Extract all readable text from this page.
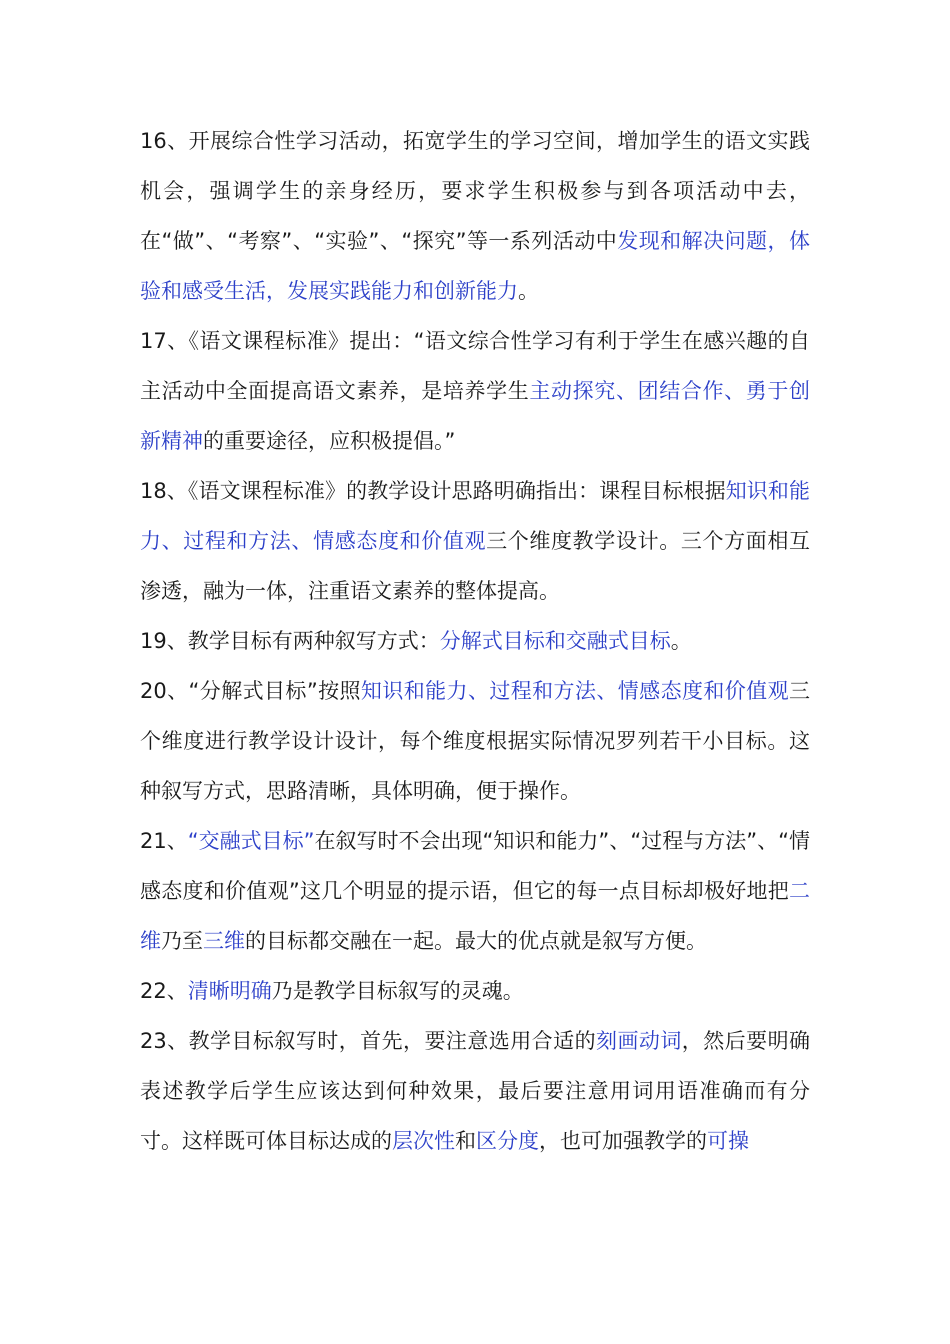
16、开展综合性学习活动，拓宽学生的学习空间，增加学生的语文实践机会，强调学生的亲身经历，要求学生积极参与到各项活动中去，在“做”、“考察”、“实验”、“探究”等一系列活动中发现和解决问题，体验和感受生活，发展实践能力和创新能力。

17、《语文课程标准》提出：“语文综合性学习有利于学生在感兴趣的自主活动中全面提高语文素养，是培养学生主动探究、团结合作、勇于创新精神的重要途径，应积极提倡。”

18、《语文课程标准》的教学设计思路明确指出：课程目标根据知识和能力、过程和方法、情感态度和价值观三个维度教学设计。三个方面相互渗透，融为一体，注重语文素养的整体提高。

19、教学目标有两种叙写方式：分解式目标和交融式目标。

20、“分解式目标”按照知识和能力、过程和方法、情感态度和价值观三个维度进行教学设计设计，每个维度根据实际情况罗列若干小目标。这种叙写方式，思路清晰，具体明确，便于操作。

21、“交融式目标”在叙写时不会出现“知识和能力”、“过程与方法”、“情感态度和价值观”这几个明显的提示语，但它的每一点目标却极好地把二维乃至三维的目标都交融在一起。最大的优点就是叙写方便。

22、清晰明确乃是教学目标叙写的灵魂。

23、教学目标叙写时，首先，要注意选用合适的刻画动词，然后要明确表述教学后学生应该达到何种效果，最后要注意用词用语准确而有分寸。这样既可体目标达成的层次性和区分度，也可加强教学的可操
